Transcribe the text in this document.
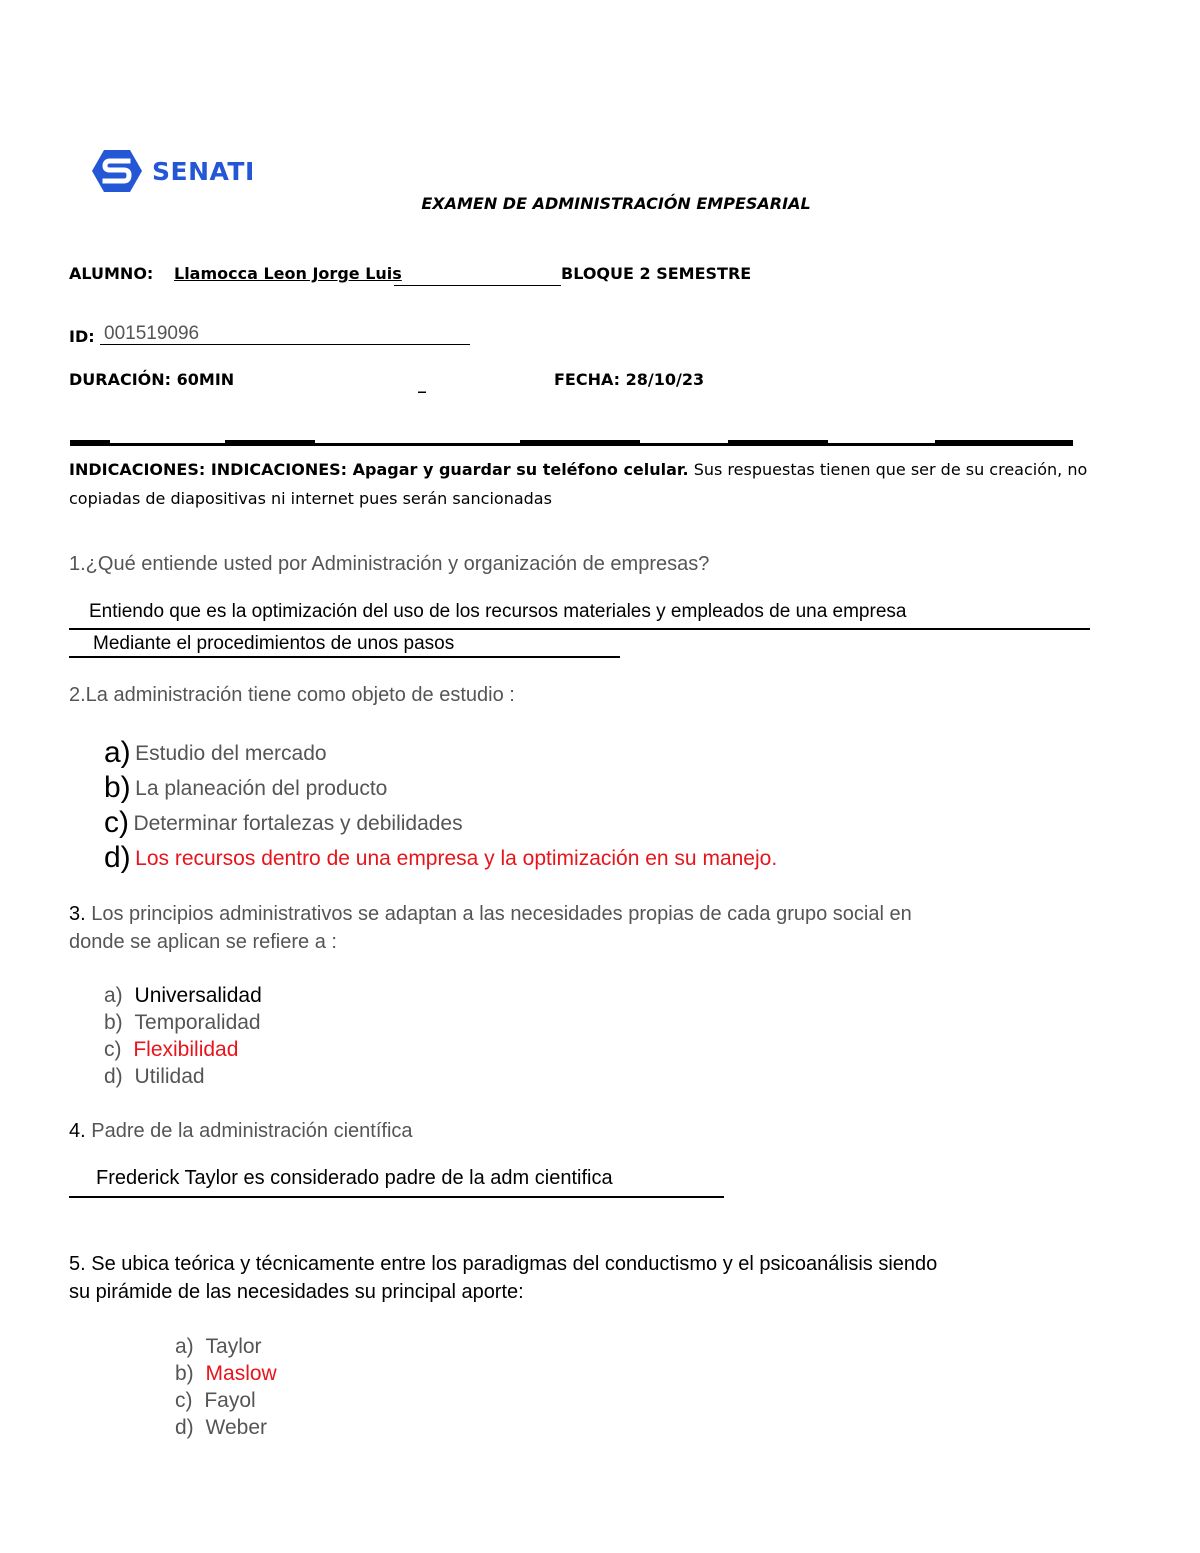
SENATI
EXAMEN DE ADMINISTRACIÓN EMPESARIAL
ALUMNO: Llamocca Leon Jorge Luis	BLOQUE 2 SEMESTRE
ID: 001519096
DURACIÓN: 60MIN	_	FECHA: 28/10/23
INDICACIONES: INDICACIONES: Apagar y guardar su teléfono celular. Sus respuestas tienen que ser de su creación, no
copiadas de diapositivas ni internet pues serán sancionadas
1.¿Qué entiende usted por Administración y organización de empresas?
Entiendo que es la optimización del uso de los recursos materiales y empleados de una empresa
Mediante el procedimientos de unos pasos
2.La administración tiene como objeto de estudio :
a) Estudio del mercado
b) La planeación del producto
c) Determinar fortalezas y debilidades
d) Los recursos dentro de una empresa y la optimización en su manejo.
3. Los principios administrativos se adaptan a las necesidades propias de cada grupo social en
donde se aplican se refiere a :
a) Universalidad
b) Temporalidad
c) Flexibilidad
d) Utilidad
4. Padre de la administración científica
Frederick Taylor es considerado padre de la adm cientifica
5. Se ubica teórica y técnicamente entre los paradigmas del conductismo y el psicoanálisis siendo
su pirámide de las necesidades su principal aporte:
a) Taylor
b) Maslow
c) Fayol
d) Weber
